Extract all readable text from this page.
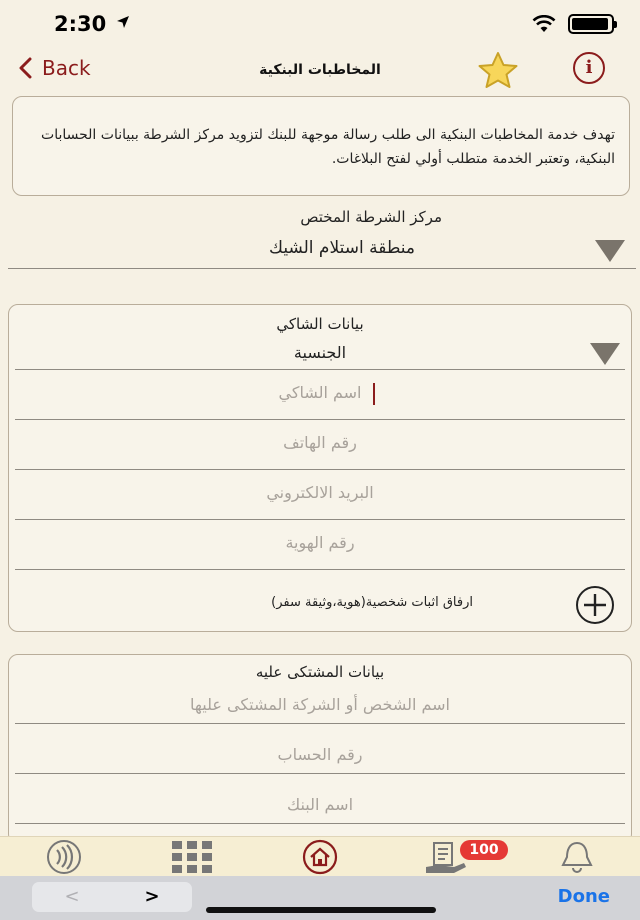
2:30
Back	المخاطبات البنكية	i
تهدف خدمة المخاطبات البنكية الى طلب رسالة موجهة للبنك لتزويد مركز الشرطة ببيانات الحسابات البنكية، وتعتبر الخدمة متطلب أولي لفتح البلاغات.
مركز الشرطة المختص
منطقة استلام الشيك
بيانات الشاكي
الجنسية
اسم الشاكي
رقم الهاتف
البريد الالكتروني
رقم الهوية
ارفاق اثبات شخصية(هوية،وثيقة سفر)
بيانات المشتكى عليه
اسم الشخص أو الشركة المشتكى عليها
رقم الحساب
اسم البنك
100
<	>	Done
